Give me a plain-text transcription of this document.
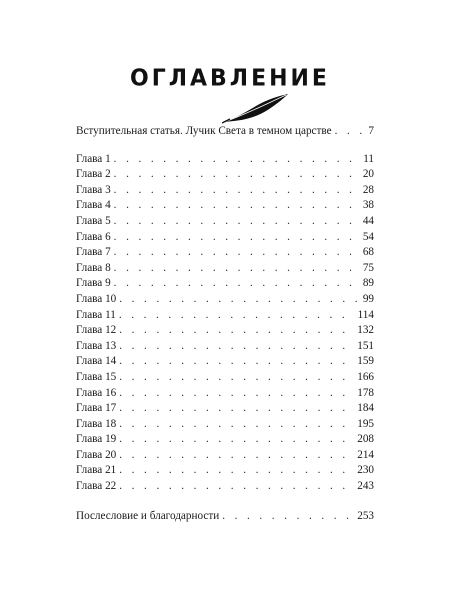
ОГЛАВЛЕНИЕ
Вступительная статья. Лучик Света в темном царстве . . .	7
Глава 1 . . .	11
Глава 2 . . .	20
Глава 3 . . .	28
Глава 4 . . .	38
Глава 5 . . .	44
Глава 6 . . .	54
Глава 7 . . .	68
Глава 8 . . .	75
Глава 9 . . .	89
Глава 10 . . .	99
Глава 11 . . .	114
Глава 12 . . .	132
Глава 13 . . .	151
Глава 14 . . .	159
Глава 15 . . .	166
Глава 16 . . .	178
Глава 17 . . .	184
Глава 18 . . .	195
Глава 19 . . .	208
Глава 20 . . .	214
Глава 21 . . .	230
Глава 22 . . .	243
Послесловие и благодарности . . .	253
